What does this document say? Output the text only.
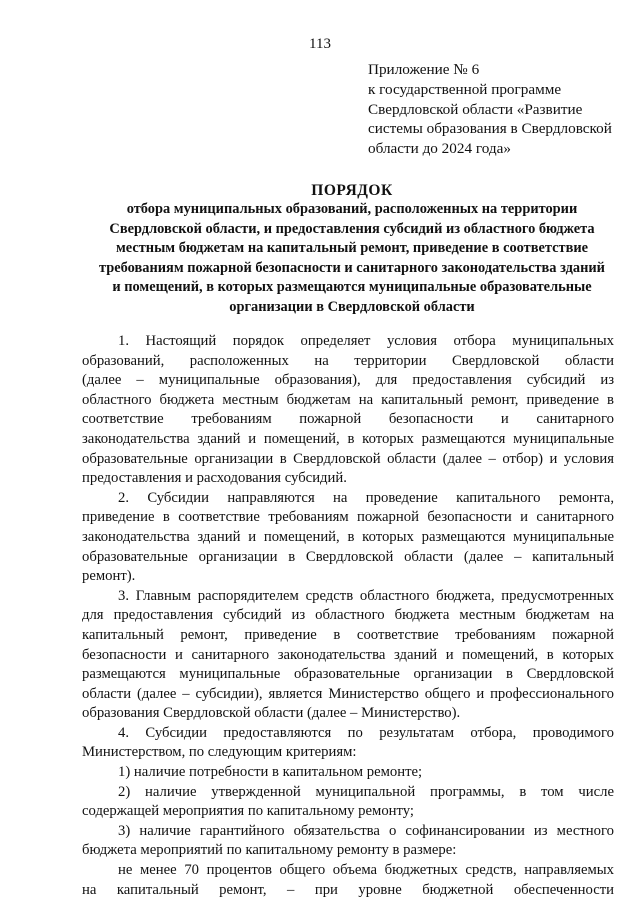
113
Приложение № 6
к государственной программе
Свердловской области «Развитие
системы образования в Свердловской
области до 2024 года»
ПОРЯДОК
отбора муниципальных образований, расположенных на территории
Свердловской области, и предоставления субсидий из областного бюджета
местным бюджетам на капитальный ремонт, приведение в соответствие
требованиям пожарной безопасности и санитарного законодательства зданий
и помещений, в которых размещаются муниципальные образовательные
организации в Свердловской области
1. Настоящий порядок определяет условия отбора муниципальных
образований, расположенных на территории Свердловской области
(далее – муниципальные образования), для предоставления субсидий из
областного бюджета местным бюджетам на капитальный ремонт, приведение в
соответствие требованиям пожарной безопасности и санитарного
законодательства зданий и помещений, в которых размещаются муниципальные
образовательные организации в Свердловской области (далее – отбор) и условия
предоставления и расходования субсидий.
2. Субсидии направляются на проведение капитального ремонта,
приведение в соответствие требованиям пожарной безопасности и санитарного
законодательства зданий и помещений, в которых размещаются муниципальные
образовательные организации в Свердловской области (далее – капитальный
ремонт).
3. Главным распорядителем средств областного бюджета, предусмотренных
для предоставления субсидий из областного бюджета местным бюджетам на
капитальный ремонт, приведение в соответствие требованиям пожарной
безопасности и санитарного законодательства зданий и помещений, в которых
размещаются муниципальные образовательные организации в Свердловской
области (далее – субсидии), является Министерство общего и профессионального
образования Свердловской области (далее – Министерство).
4. Субсидии предоставляются по результатам отбора, проводимого
Министерством, по следующим критериям:
1) наличие потребности в капитальном ремонте;
2) наличие утвержденной муниципальной программы, в том числе
содержащей мероприятия по капитальному ремонту;
3) наличие гарантийного обязательства о софинансировании из местного
бюджета мероприятий по капитальному ремонту в размере:
не менее 70 процентов общего объема бюджетных средств, направляемых
на капитальный ремонт, – при уровне бюджетной обеспеченности
